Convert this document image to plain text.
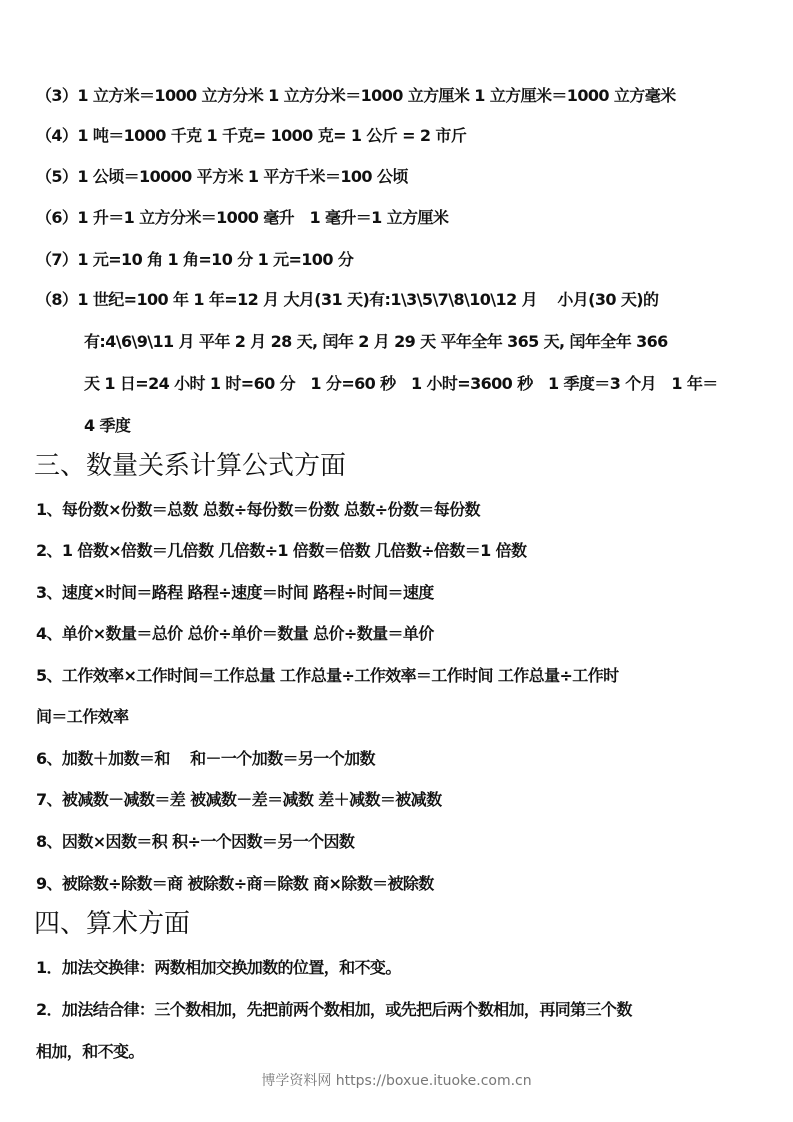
（3）1 立方米＝1000 立方分米 1 立方分米＝1000 立方厘米 1 立方厘米＝1000 立方毫米
（4）1 吨＝1000 千克 1 千克= 1000 克= 1 公斤 = 2 市斤
（5）1 公顷＝10000 平方米 1 平方千米＝100 公顷
（6）1 升＝1 立方分米＝1000 毫升　1 毫升＝1 立方厘米
（7）1 元=10 角 1 角=10 分 1 元=100 分
（8）1 世纪=100 年 1 年=12 月 大月(31 天)有:1\3\5\7\8\10\12 月　 小月(30 天)的
有:4\6\9\11 月 平年 2 月 28 天, 闰年 2 月 29 天 平年全年 365 天, 闰年全年 366
天 1 日=24 小时 1 时=60 分　1 分=60 秒　1 小时=3600 秒　1 季度＝3 个月　1 年＝
4 季度
三、数量关系计算公式方面
1、每份数×份数＝总数 总数÷每份数＝份数 总数÷份数＝每份数
2、1 倍数×倍数＝几倍数 几倍数÷1 倍数＝倍数 几倍数÷倍数＝1 倍数
3、速度×时间＝路程 路程÷速度＝时间 路程÷时间＝速度
4、单价×数量＝总价 总价÷单价＝数量 总价÷数量＝单价
5、工作效率×工作时间＝工作总量 工作总量÷工作效率＝工作时间 工作总量÷工作时
间＝工作效率
6、加数＋加数＝和　 和－一个加数＝另一个加数
7、被减数－减数＝差 被减数－差＝减数 差＋减数＝被减数
8、因数×因数＝积 积÷一个因数＝另一个因数
9、被除数÷除数＝商 被除数÷商＝除数 商×除数＝被除数
四、算术方面
1．加法交换律：两数相加交换加数的位置，和不变。
2．加法结合律：三个数相加，先把前两个数相加，或先把后两个数相加，再同第三个数
相加，和不变。
博学资料网 https://boxue.ituoke.com.cn
